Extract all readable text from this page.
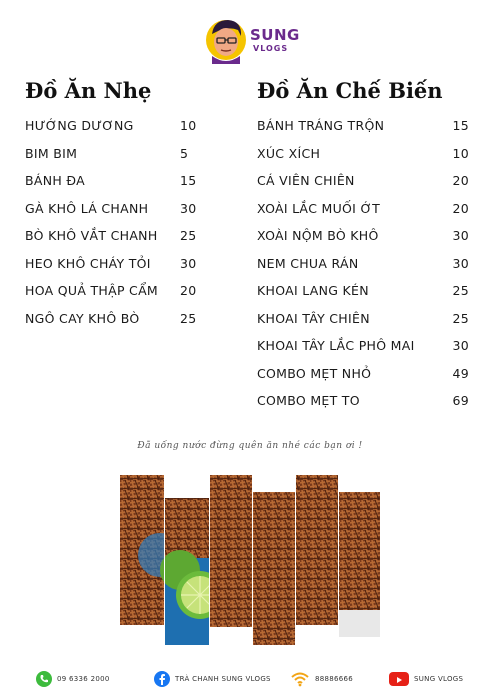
SUNG
VLOGS
Đồ Ăn Nhẹ	Đồ Ăn Chế Biến
HƯỚNG DƯƠNG	10
BIM BIM	5
BÁNH ĐA	15
GÀ KHÔ LÁ CHANH	30
BÒ KHÔ VẮT CHANH 25
HEO KHÔ CHÁY TỎI 30
HOA QUẢ THẬP CẨM 20
NGÔ CAY KHÔ BÒ	25
BÁNH TRÁNG TRỘN	15
XÚC XÍCH	10
CÁ VIÊN CHIÊN	20
XOÀI LẮC MUỐI ỚT	20
XOÀI NỘM BÒ KHÔ	30
NEM CHUA RÁN	30
KHOAI LANG KÉN	25
KHOAI TÂY CHIÊN	25
KHOAI TÂY LẮC PHÔ MAI	30
COMBO MẸT NHỎ	49
COMBO MẸT TO	69
Đã uống nước đừng quên ăn nhé các bạn ơi !
09 6336 2000	TRÀ CHANH SUNG VLOGS	88886666	SUNG VLOGS
